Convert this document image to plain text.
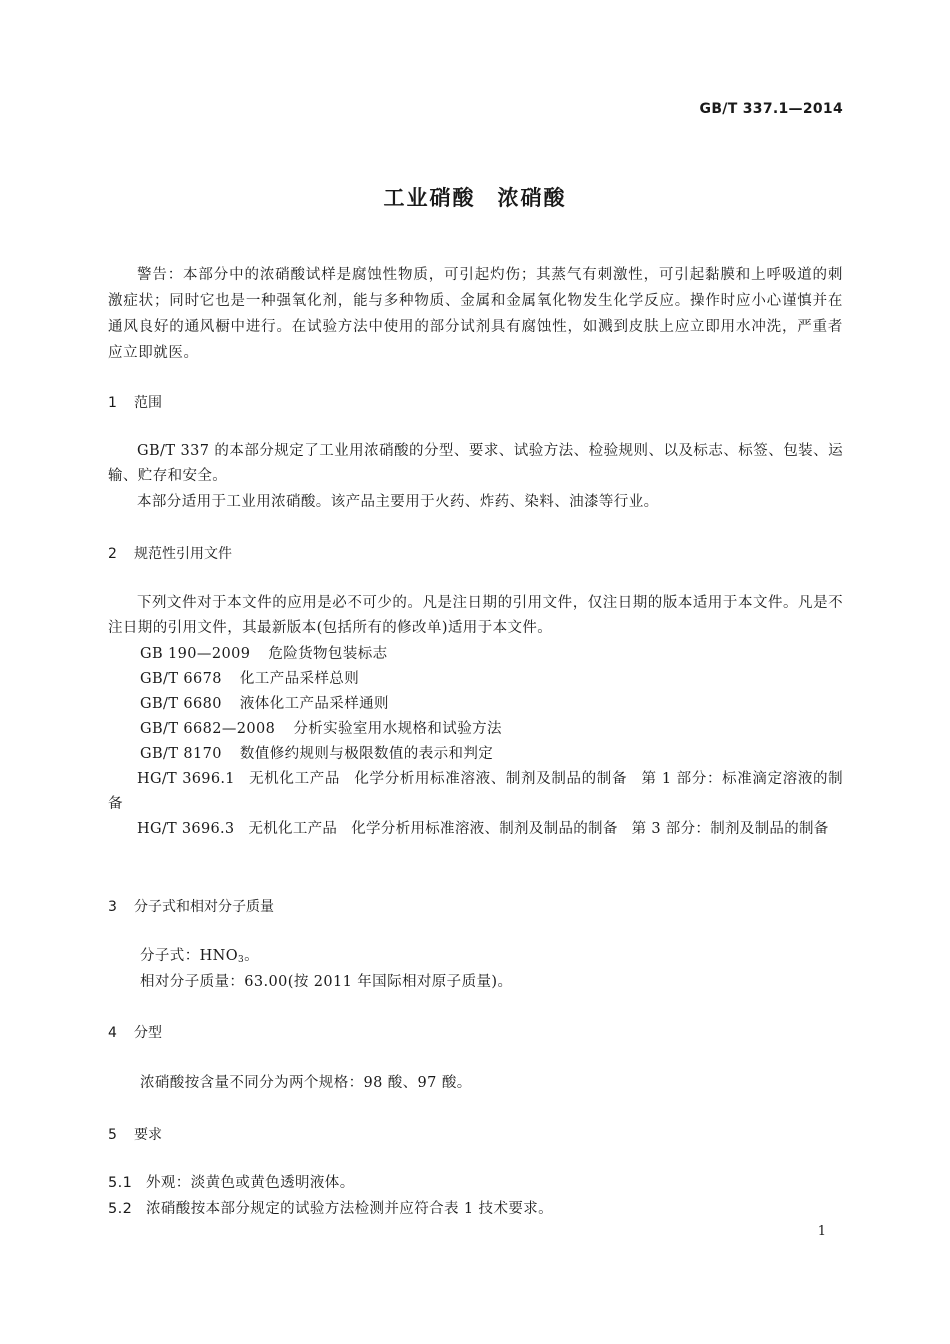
GB/T 337.1—2014
工业硝酸 浓硝酸
警告：本部分中的浓硝酸试样是腐蚀性物质，可引起灼伤；其蒸气有刺激性，可引起黏膜和上呼吸道的刺激症状；同时它也是一种强氧化剂，能与多种物质、金属和金属氧化物发生化学反应。操作时应小心谨慎并在通风良好的通风橱中进行。在试验方法中使用的部分试剂具有腐蚀性，如溅到皮肤上应立即用水冲洗，严重者应立即就医。
1 范围
GB/T 337 的本部分规定了工业用浓硝酸的分型、要求、试验方法、检验规则、以及标志、标签、包装、运输、贮存和安全。
本部分适用于工业用浓硝酸。该产品主要用于火药、炸药、染料、油漆等行业。
2 规范性引用文件
下列文件对于本文件的应用是必不可少的。凡是注日期的引用文件，仅注日期的版本适用于本文件。凡是不注日期的引用文件，其最新版本(包括所有的修改单)适用于本文件。
GB 190—2009 危险货物包装标志
GB/T 6678 化工产品采样总则
GB/T 6680 液体化工产品采样通则
GB/T 6682—2008 分析实验室用水规格和试验方法
GB/T 8170 数值修约规则与极限数值的表示和判定
HG/T 3696.1 无机化工产品 化学分析用标准溶液、制剂及制品的制备 第 1 部分：标准滴定溶液的制备
HG/T 3696.3 无机化工产品 化学分析用标准溶液、制剂及制品的制备 第 3 部分：制剂及制品的制备
3 分子式和相对分子质量
分子式：$HNO_3$。
相对分子质量：63.00(按 2011 年国际相对原子质量)。
4 分型
浓硝酸按含量不同分为两个规格：98 酸、97 酸。
5 要求
5.1 外观：淡黄色或黄色透明液体。
5.2 浓硝酸按本部分规定的试验方法检测并应符合表 1 技术要求。
1
